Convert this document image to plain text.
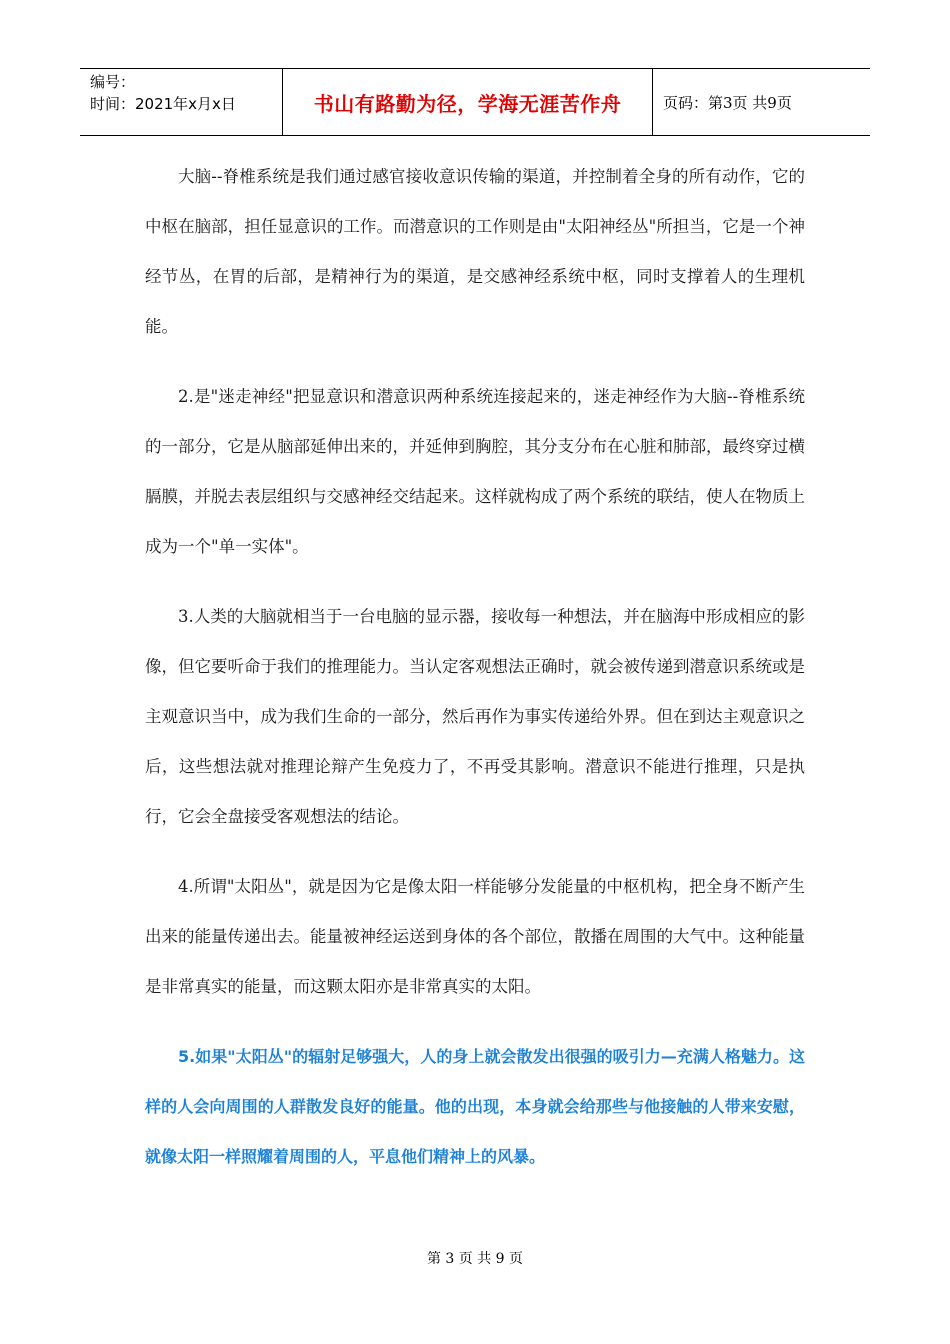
编号：
时间：2021年x月x日	书山有路勤为径，学海无涯苦作舟	页码：第3页 共9页

大脑--脊椎系统是我们通过感官接收意识传输的渠道，并控制着全身的所有动作，它的中枢在脑部，担任显意识的工作。而潜意识的工作则是由"太阳神经丛"所担当，它是一个神经节丛，在胃的后部，是精神行为的渠道，是交感神经系统中枢，同时支撑着人的生理机能。

2.是"迷走神经"把显意识和潜意识两种系统连接起来的，迷走神经作为大脑--脊椎系统的一部分，它是从脑部延伸出来的，并延伸到胸腔，其分支分布在心脏和肺部，最终穿过横膈膜，并脱去表层组织与交感神经交结起来。这样就构成了两个系统的联结，使人在物质上成为一个"单一实体"。

3.人类的大脑就相当于一台电脑的显示器，接收每一种想法，并在脑海中形成相应的影像，但它要听命于我们的推理能力。当认定客观想法正确时，就会被传递到潜意识系统或是主观意识当中，成为我们生命的一部分，然后再作为事实传递给外界。但在到达主观意识之后，这些想法就对推理论辩产生免疫力了，不再受其影响。潜意识不能进行推理，只是执行，它会全盘接受客观想法的结论。

4.所谓"太阳丛"，就是因为它是像太阳一样能够分发能量的中枢机构，把全身不断产生出来的能量传递出去。能量被神经运送到身体的各个部位，散播在周围的大气中。这种能量是非常真实的能量，而这颗太阳亦是非常真实的太阳。

5.如果"太阳丛"的辐射足够强大，人的身上就会散发出很强的吸引力—充满人格魅力。这样的人会向周围的人群散发良好的能量。他的出现，本身就会给那些与他接触的人带来安慰，就像太阳一样照耀着周围的人，平息他们精神上的风暴。

第 3 页 共 9 页
